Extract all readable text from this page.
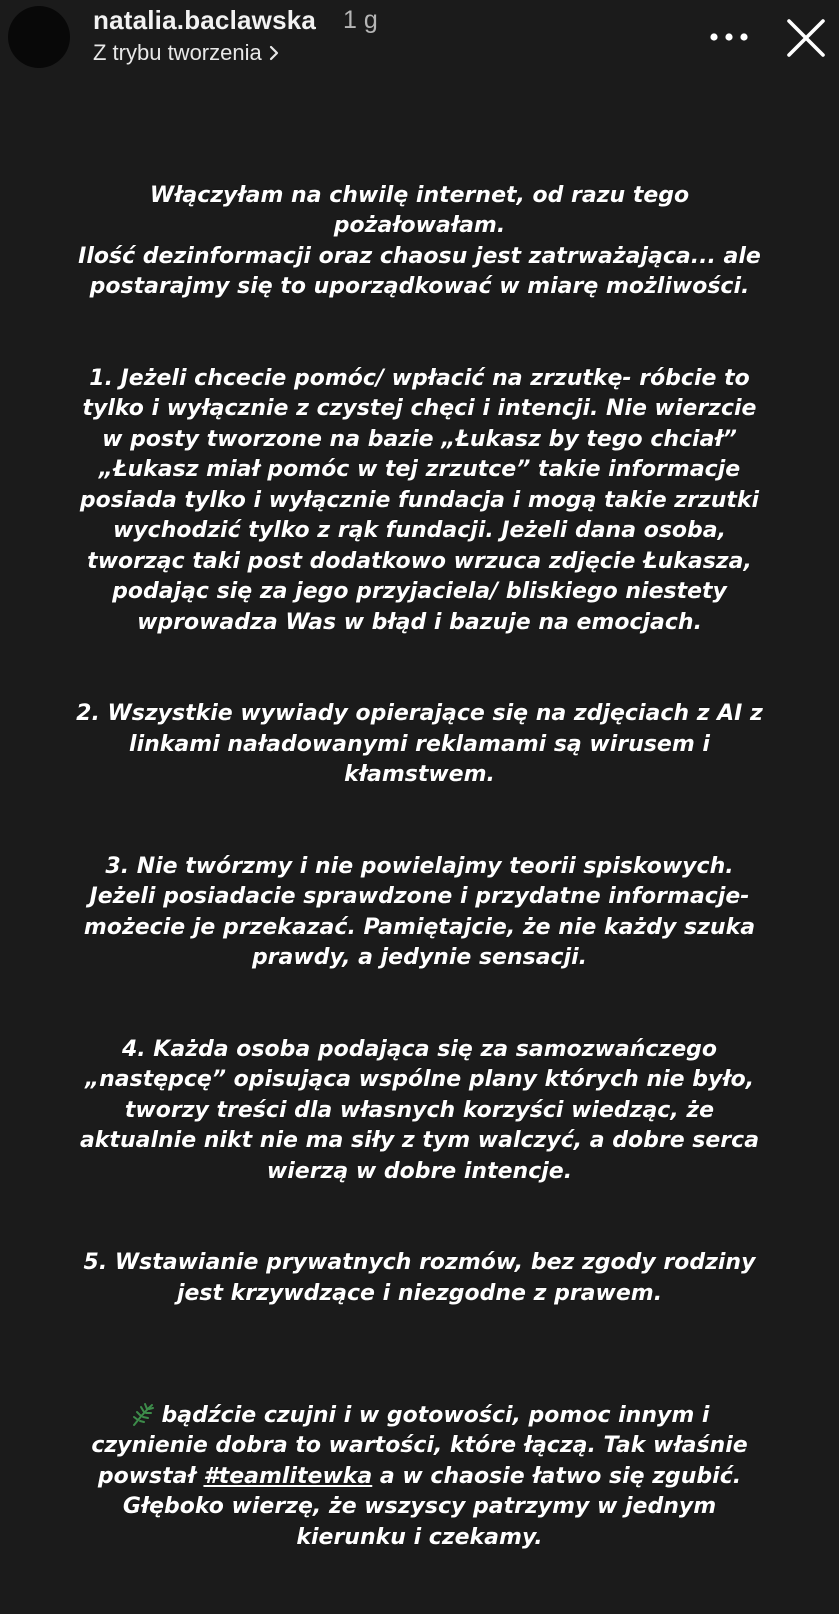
natalia.baclawska 1 g
Z trybu tworzenia

Włączyłam na chwilę internet, od razu tego
pożałowałam.
Ilość dezinformacji oraz chaosu jest zatrważająca... ale
postarajmy się to uporządkować w miarę możliwości.

1. Jeżeli chcecie pomóc/ wpłacić na zrzutkę- róbcie to
tylko i wyłącznie z czystej chęci i intencji. Nie wierzcie
w posty tworzone na bazie „Łukasz by tego chciał”
„Łukasz miał pomóc w tej zrzutce” takie informacje
posiada tylko i wyłącznie fundacja i mogą takie zrzutki
wychodzić tylko z rąk fundacji. Jeżeli dana osoba,
tworząc taki post dodatkowo wrzuca zdjęcie Łukasza,
podając się za jego przyjaciela/ bliskiego niestety
wprowadza Was w błąd i bazuje na emocjach.

2. Wszystkie wywiady opierające się na zdjęciach z AI z
linkami naładowanymi reklamami są wirusem i
kłamstwem.

3. Nie twórzmy i nie powielajmy teorii spiskowych.
Jeżeli posiadacie sprawdzone i przydatne informacje-
możecie je przekazać. Pamiętajcie, że nie każdy szuka
prawdy, a jedynie sensacji.

4. Każda osoba podająca się za samozwańczego
„następcę” opisująca wspólne plany których nie było,
tworzy treści dla własnych korzyści wiedząc, że
aktualnie nikt nie ma siły z tym walczyć, a dobre serca
wierzą w dobre intencje.

5. Wstawianie prywatnych rozmów, bez zgody rodziny
jest krzywdzące i niezgodne z prawem.

bądźcie czujni i w gotowości, pomoc innym i
czynienie dobra to wartości, które łączą. Tak właśnie
powstał #teamlitewka a w chaosie łatwo się zgubić.
Głęboko wierzę, że wszyscy patrzymy w jednym
kierunku i czekamy.
